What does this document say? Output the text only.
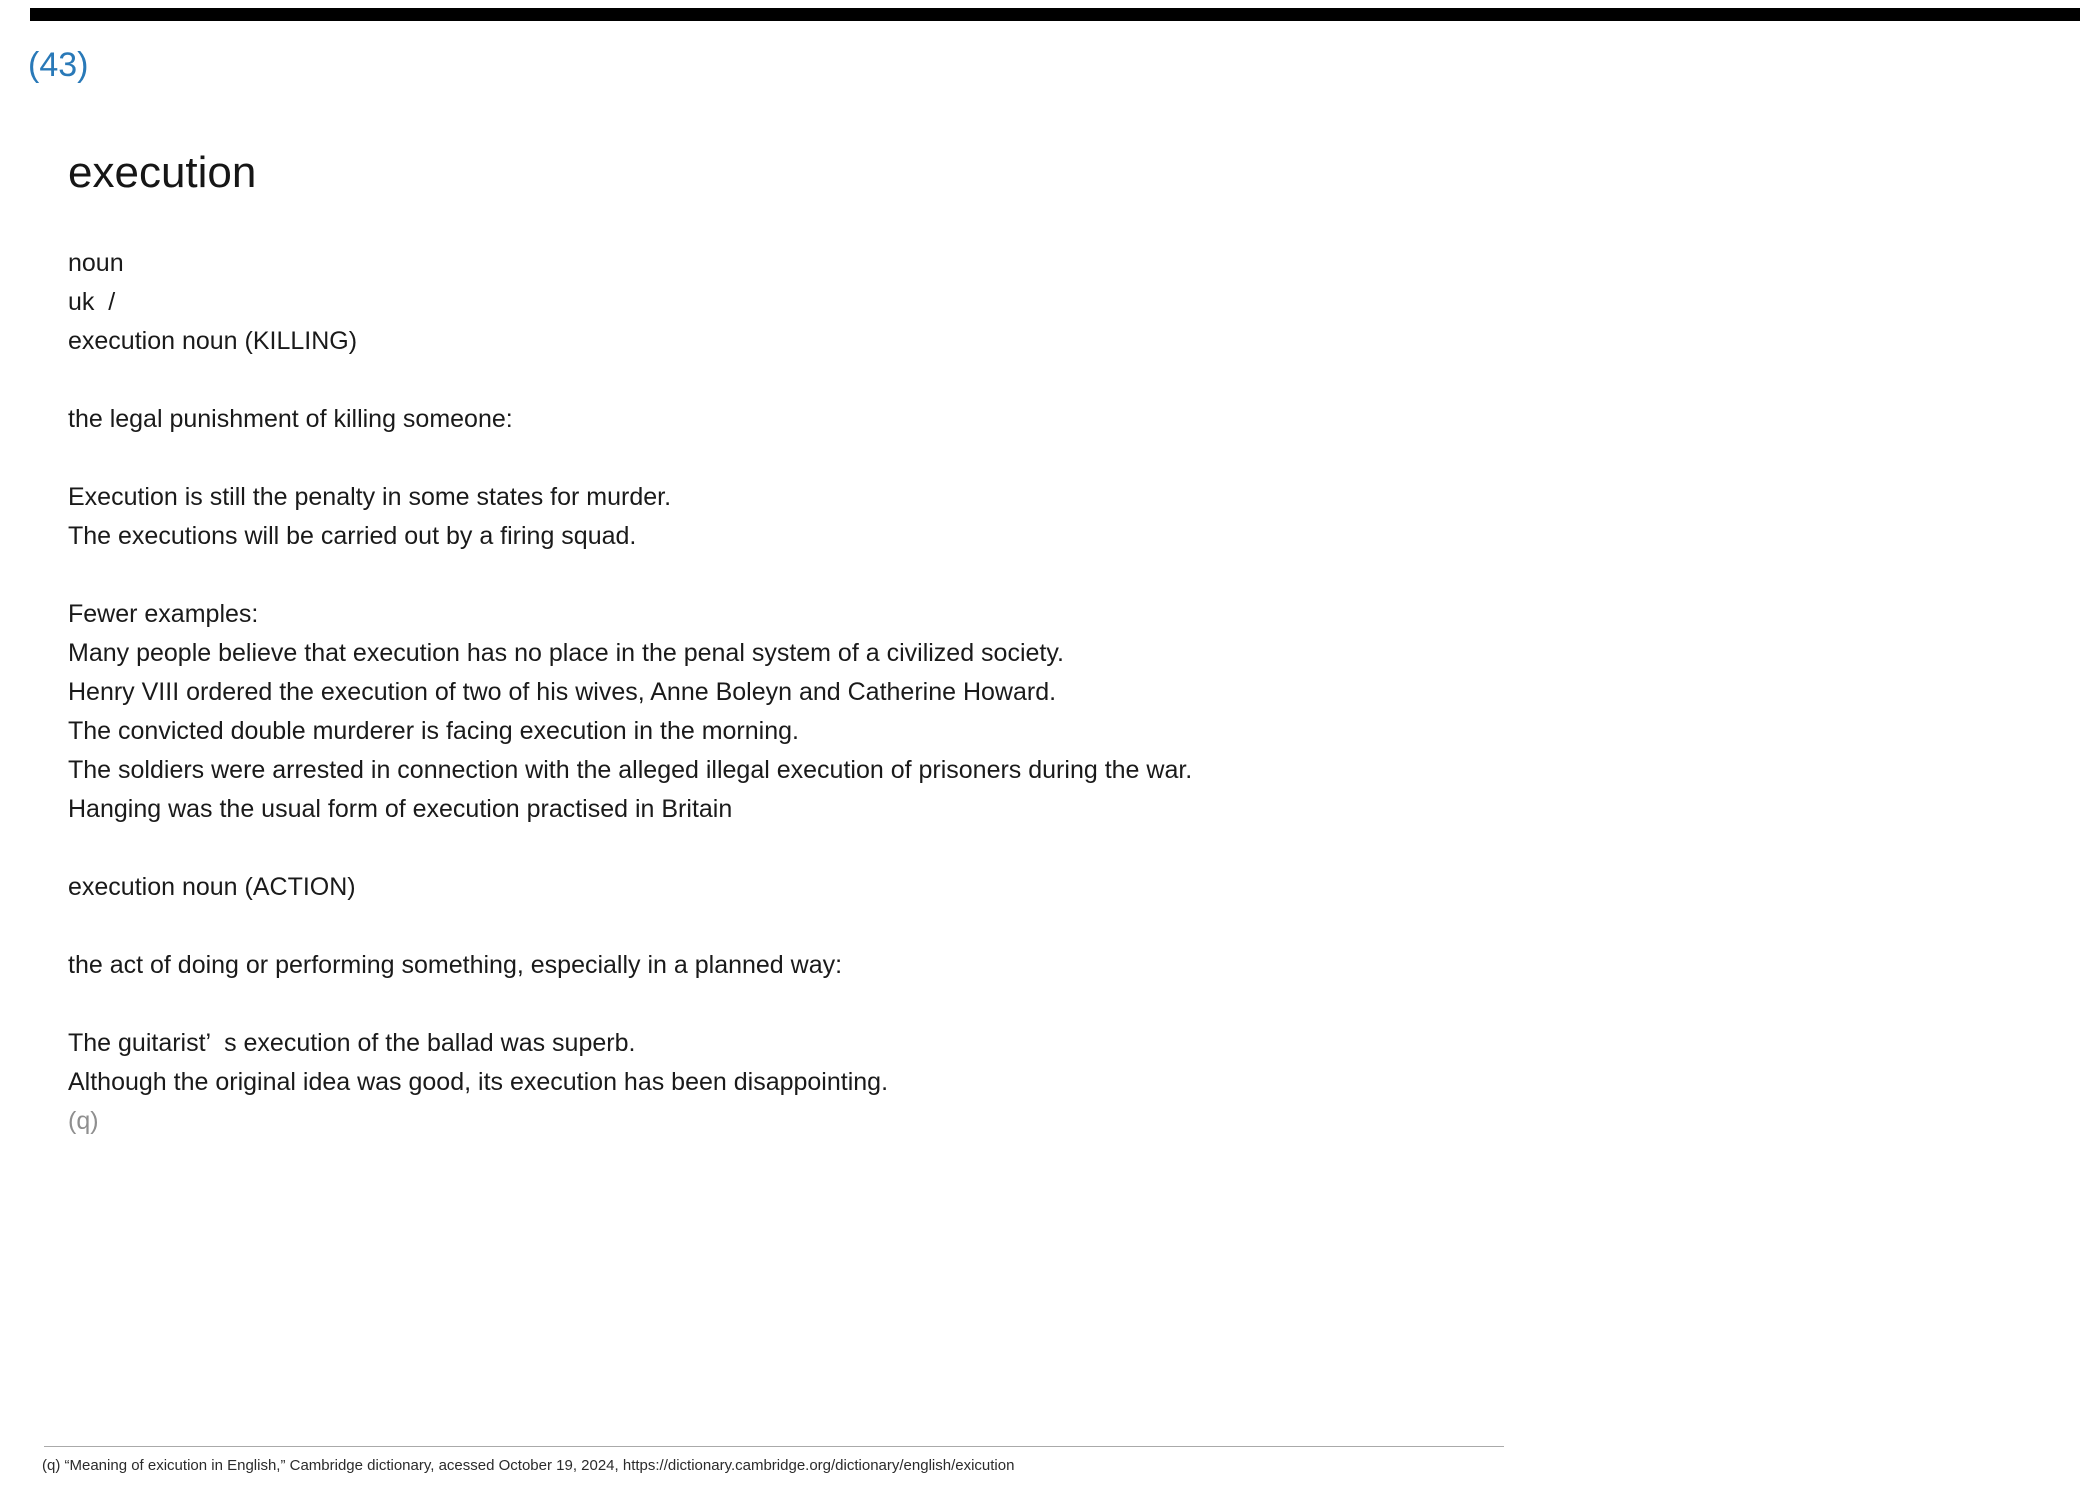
(43)
execution
noun
uk  /
execution noun (KILLING)
the legal punishment of killing someone:
Execution is still the penalty in some states for murder.
The executions will be carried out by a firing squad.
Fewer examples:
Many people believe that execution has no place in the penal system of a civilized society.
Henry VIII ordered the execution of two of his wives, Anne Boleyn and Catherine Howard.
The convicted double murderer is facing execution in the morning.
The soldiers were arrested in connection with the alleged illegal execution of prisoners during the war.
Hanging was the usual form of execution practised in Britain
execution noun (ACTION)
the act of doing or performing something, especially in a planned way:
The guitarist’  s execution of the ballad was superb.
Although the original idea was good, its execution has been disappointing.
(q)
(q) “Meaning of exicution in English,” Cambridge dictionary, acessed October 19, 2024, https://dictionary.cambridge.org/dictionary/english/exicution
